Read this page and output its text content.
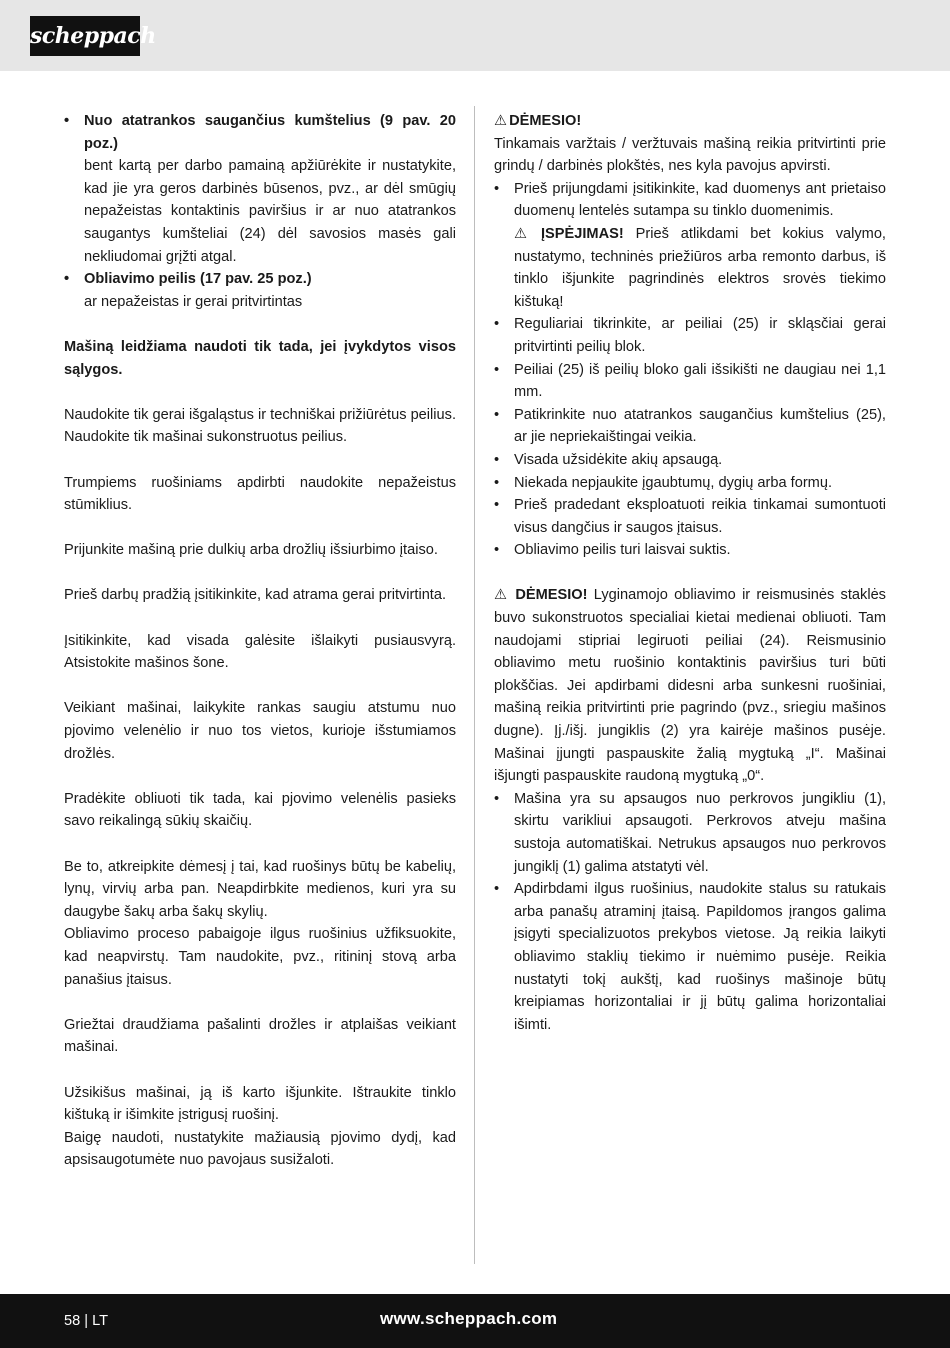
scheppach
• Nuo atatrankos saugančius kumštelius (9 pav. 20 poz.)
bent kartą per darbo pamainą apžiūrėkite ir nustatykite, kad jie yra geros darbinės būsenos, pvz., ar dėl smūgių nepažeistas kontaktinis paviršius ir ar nuo atatrankos saugantys kumšteliai (24) dėl savosios masės gali nekliudomai grįžti atgal.
• Obliavimo peilis (17 pav. 25 poz.)
ar nepažeistas ir gerai pritvirtintas

Mašiną leidžiama naudoti tik tada, jei įvykdytos visos sąlygos.

Naudokite tik gerai išgaląstus ir techniškai prižiūrėtus peilius. Naudokite tik mašinai sukonstruotus peilius.

Trumpiems ruošiniams apdirbti naudokite nepažeistus stūmiklius.

Prijunkite mašiną prie dulkių arba drožlių išsiurbimo įtaiso.

Prieš darbų pradžią įsitikinkite, kad atrama gerai pritvirtinta.

Įsitikinkite, kad visada galėsite išlaikyti pusiausvyrą. Atsistokite mašinos šone.

Veikiant mašinai, laikykite rankas saugiu atstumu nuo pjovimo velenėlio ir nuo tos vietos, kurioje išstumiamos drožlės.

Pradėkite obliuoti tik tada, kai pjovimo velenėlis pasieks savo reikalingą sūkių skaičių.

Be to, atkreipkite dėmesį į tai, kad ruošinys būtų be kabelių, lynų, virvių arba pan. Neapdirbkite medienos, kuri yra su daugybe šakų arba šakų skylių.

Obliavimo proceso pabaigoje ilgus ruošinius užfiksuokite, kad neapvirstų. Tam naudokite, pvz., ritininį stovą arba panašius įtaisus.

Griežtai draudžiama pašalinti drožles ir atplaišas veikiant mašinai.

Užsikišus mašinai, ją iš karto išjunkite. Ištraukite tinklo kištuką ir išimkite įstrigusį ruošinį.

Baigę naudoti, nustatykite mažiausią pjovimo dydį, kad apsisaugotumėte nuo pavojaus susižaloti.

⚠ DĖMESIO!

Tinkamais varžtais / veržtuvais mašiną reikia pritvirtinti prie grindų / darbinės plokštės, nes kyla pavojus apvirsti.

• Prieš prijungdami įsitikinkite, kad duomenys ant prietaiso duomenų lentelės sutampa su tinklo duomenimis.

⚠ ĮSPĖJIMAS! Prieš atlikdami bet kokius valymo, nustatymo, techninės priežiūros arba remonto darbus, iš tinklo išjunkite pagrindinės elektros srovės tiekimo kištuką!

• Reguliariai tikrinkite, ar peiliai (25) ir skląsčiai gerai pritvirtinti peilių blok.
• Peiliai (25) iš peilių bloko gali išsikišti ne daugiau nei 1,1 mm.
• Patikrinkite nuo atatrankos saugančius kumštelius (25), ar jie nepriekaištingai veikia.
• Visada užsidėkite akių apsaugą.
• Niekada nepjaukite įgaubtumų, dygių arba formų.
• Prieš pradedant eksploatuoti reikia tinkamai sumontuoti visus dangčius ir saugos įtaisus.
• Obliavimo peilis turi laisvai suktis.

⚠ DĖMESIO! Lyginamojo obliavimo ir reismusinės staklės buvo sukonstruotos specialiai kietai medienai obliuoti. Tam naudojami stipriai legiruoti peiliai (24). Reismusinio obliavimo metu ruošinio kontaktinis paviršius turi būti plokščias. Jei apdirbami didesni arba sunkesni ruošiniai, mašiną reikia pritvirtinti prie pagrindo (pvz., sriegiu mašinos dugne). Įj./išj. jungiklis (2) yra kairėje mašinos pusėje. Mašinai įjungti paspauskite žalią mygtuką „I“. Mašinai išjungti paspauskite raudoną mygtuką „0“.

• Mašina yra su apsaugos nuo perkrovos jungikliu (1), skirtu varikliui apsaugoti. Perkrovos atveju mašina sustoja automatiškai. Netrukus apsaugos nuo perkrovos jungiklį (1) galima atstatyti vėl.
• Apdirbdami ilgus ruošinius, naudokite stalus su ratukais arba panašų atraminį įtaisą. Papildomos įrangos galima įsigyti specializuotos prekybos vietose. Ją reikia laikyti obliavimo staklių tiekimo ir nuėmimo pusėje. Reikia nustatyti tokį aukštį, kad ruošinys mašinoje būtų kreipiamas horizontaliai ir jį būtų galima horizontaliai išimti.
58 | LT	www.scheppach.com
